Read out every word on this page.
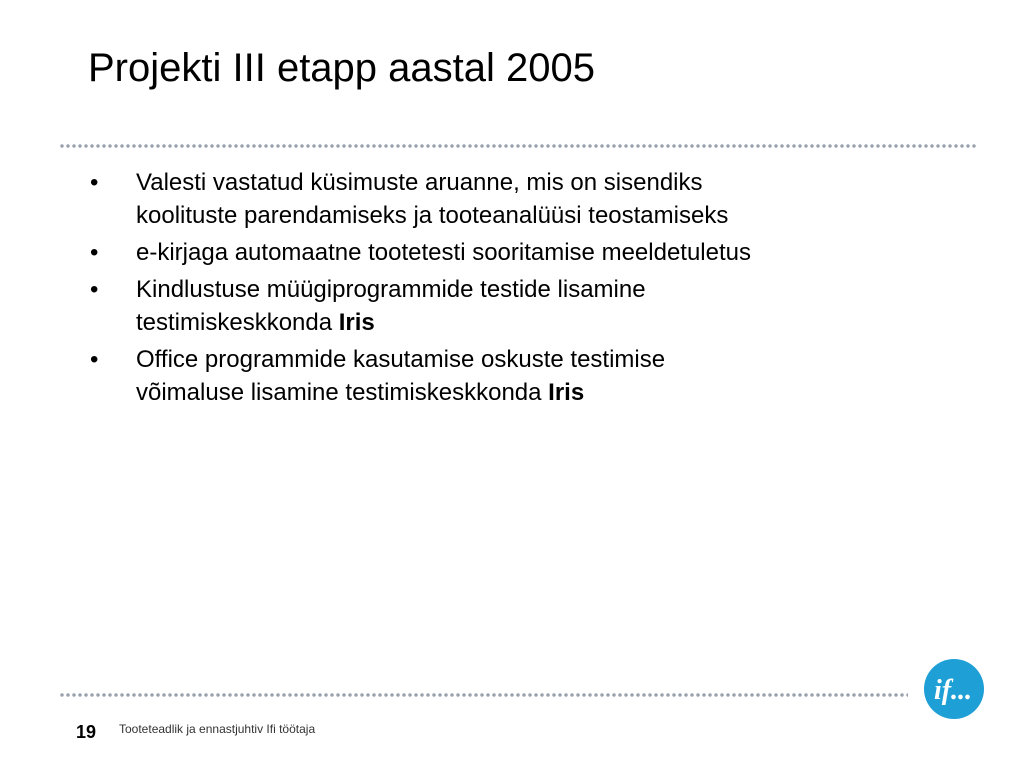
Projekti III etapp aastal 2005
• Valesti vastatud küsimuste aruanne, mis on sisendiks
koolituste parendamiseks ja tooteanalüüsi teostamiseks
• e-kirjaga automaatne tootetesti sooritamise meeldetuletus
• Kindlustuse müügiprogrammide testide lisamine
testimiskeskkonda Iris
• Office programmide kasutamise oskuste testimise
võimaluse lisamine testimiskeskkonda Iris
19 Tooteteadlik ja ennastjuhtiv Ifi töötaja
if...
